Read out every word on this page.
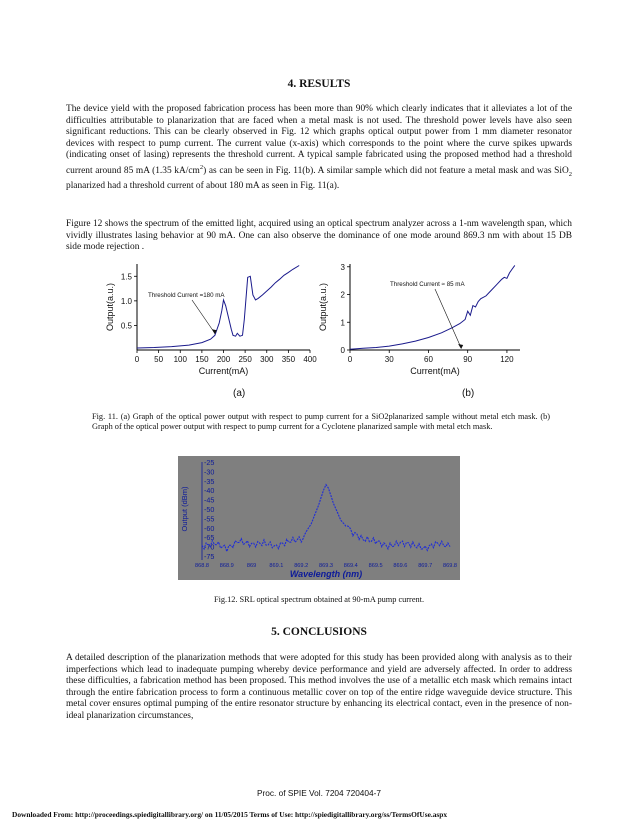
4. RESULTS

The device yield with the proposed fabrication process has been more than 90% which clearly indicates that it alleviates a lot of the difficulties attributable to planarization that are faced when a metal mask is not used. The threshold power levels have also seen significant reductions. This can be clearly observed in Fig. 12 which graphs optical output power from 1 mm diameter resonator devices with respect to pump current. The current value (x-axis) which corresponds to the point where the curve spikes upwards (indicating onset of lasing) represents the threshold current. A typical sample fabricated using the proposed method had a threshold current around 85 mA (1.35 $kA/cm^2$) as can be seen in Fig. 11(b). A similar sample which did not feature a metal mask and was SiO$_2$ planarized had a threshold current of about 180 mA as seen in Fig. 11(a).

Figure 12 shows the spectrum of the emitted light, acquired using an optical spectrum analyzer across a 1-nm wavelength span, which vividly illustrates lasing behavior at 90 mA. One can also observe the dominance of one mode around 869.3 nm with about 15 DB side mode rejection .

0 50 100 150 200 250 300 350 400
0.5
1.0
1.5
Current(mA)
Output(a.u.)	Threshold Current =180 mA
0	30	60	90	120
0
1
2
3
Current(mA)
Output(a.u.)	Threshold Current ≈ 85 mA
(a)	(b)

Fig. 11. (a) Graph of the optical power output with respect to pump current for a SiO2planarized sample without metal etch mask. (b) Graph of the optical power output with respect to pump current for a Cyclotene planarized sample with metal etch mask.

-25
-30
-35
-40
-45
-50
-55
-60
-65
-70
-75
868.8 868.9 869 869.1 869.2 869.3 869.4 869.5 869.6 869.7 869.8
Wavelength (nm)
Output (dBm)

Fig.12. SRL optical spectrum obtained at 90-mA pump current.

5. CONCLUSIONS

A detailed description of the planarization methods that were adopted for this study has been provided along with analysis as to their imperfections which lead to inadequate pumping whereby device performance and yield are adversely affected. In order to address these difficulties, a fabrication method has been proposed. This method involves the use of a metallic etch mask which remains intact through the entire fabrication process to form a continuous metallic cover on top of the entire ridge waveguide device structure. This metal cover ensures optimal pumping of the entire resonator structure by enhancing its electrical contact, even in the presence of non-ideal planarization circumstances,

Proc. of SPIE Vol. 7204 720404-7
Downloaded From: http://proceedings.spiedigitallibrary.org/ on 11/05/2015 Terms of Use: http://spiedigitallibrary.org/ss/TermsOfUse.aspx
